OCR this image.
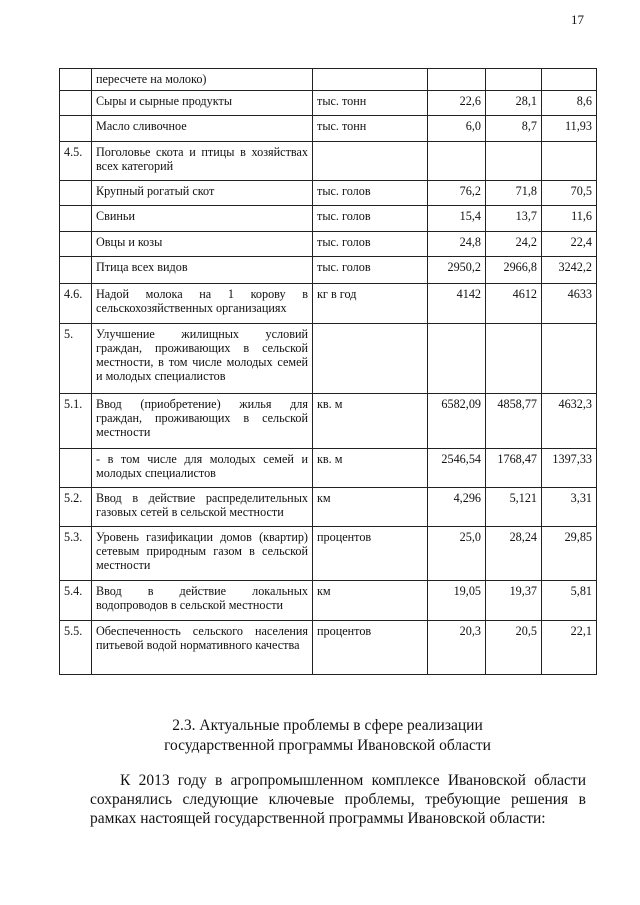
17
	пересчете на молоко)				
	Сыры и сырные продукты	тыс. тонн	22,6	28,1	8,6
	Масло сливочное	тыс. тонн	6,0	8,7	11,93
4.5.	Поголовье скота и птицы в хозяйствах всех категорий				
	Крупный рогатый скот	тыс. голов	76,2	71,8	70,5
	Свиньи	тыс. голов	15,4	13,7	11,6
	Овцы и козы	тыс. голов	24,8	24,2	22,4
	Птица всех видов	тыс. голов	2950,2	2966,8	3242,2
4.6.	Надой молока на 1 корову в сельскохозяйственных организациях	кг в год	4142	4612	4633
5.	Улучшение жилищных условий граждан, проживающих в сельской местности, в том числе молодых семей и молодых специалистов				
5.1.	Ввод (приобретение) жилья для граждан, проживающих в сельской местности	кв. м	6582,09	4858,77	4632,3
	- в том числе для молодых семей и молодых специалистов	кв. м	2546,54	1768,47	1397,33
5.2.	Ввод в действие распределительных газовых сетей в сельской местности	км	4,296	5,121	3,31
5.3.	Уровень газификации домов (квартир) сетевым природным газом в сельской местности	процентов	25,0	28,24	29,85
5.4.	Ввод в действие локальных водопроводов в сельской местности	км	19,05	19,37	5,81
5.5.	Обеспеченность сельского населения питьевой водой нормативного качества	процентов	20,3	20,5	22,1
2.3. Актуальные проблемы в сфере реализации
государственной программы Ивановской области

К 2013 году в агропромышленном комплексе Ивановской области сохранялись следующие ключевые проблемы, требующие решения в рамках настоящей государственной программы Ивановской области:
